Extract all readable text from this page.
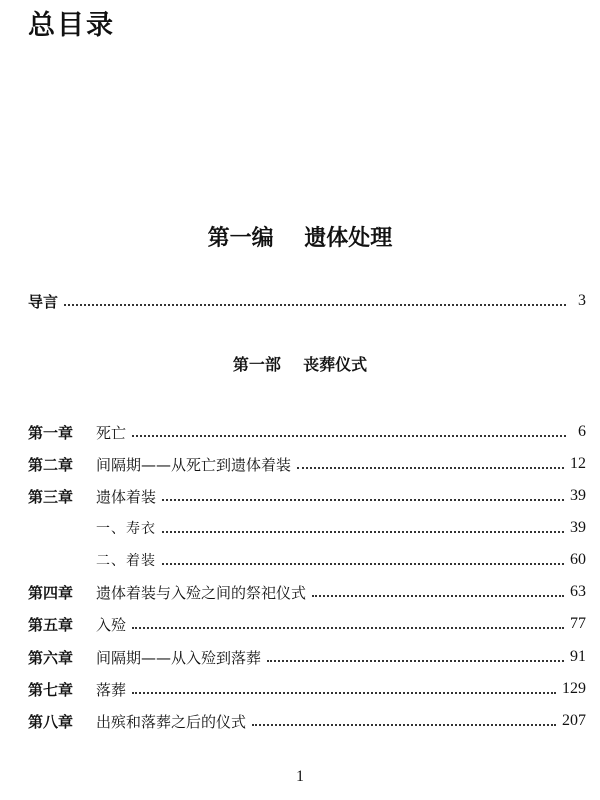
总目录
第一编    遗体处理
导言	3
第一部    丧葬仪式
第一章	死亡	6
第二章	间隔期——从死亡到遗体着装	12
第三章	遗体着装	39
一、寿衣	39
二、着装	60
第四章	遗体着装与入殓之间的祭祀仪式	63
第五章	入殓	77
第六章	间隔期——从入殓到落葬	91
第七章	落葬	129
第八章	出殡和落葬之后的仪式	207
1
